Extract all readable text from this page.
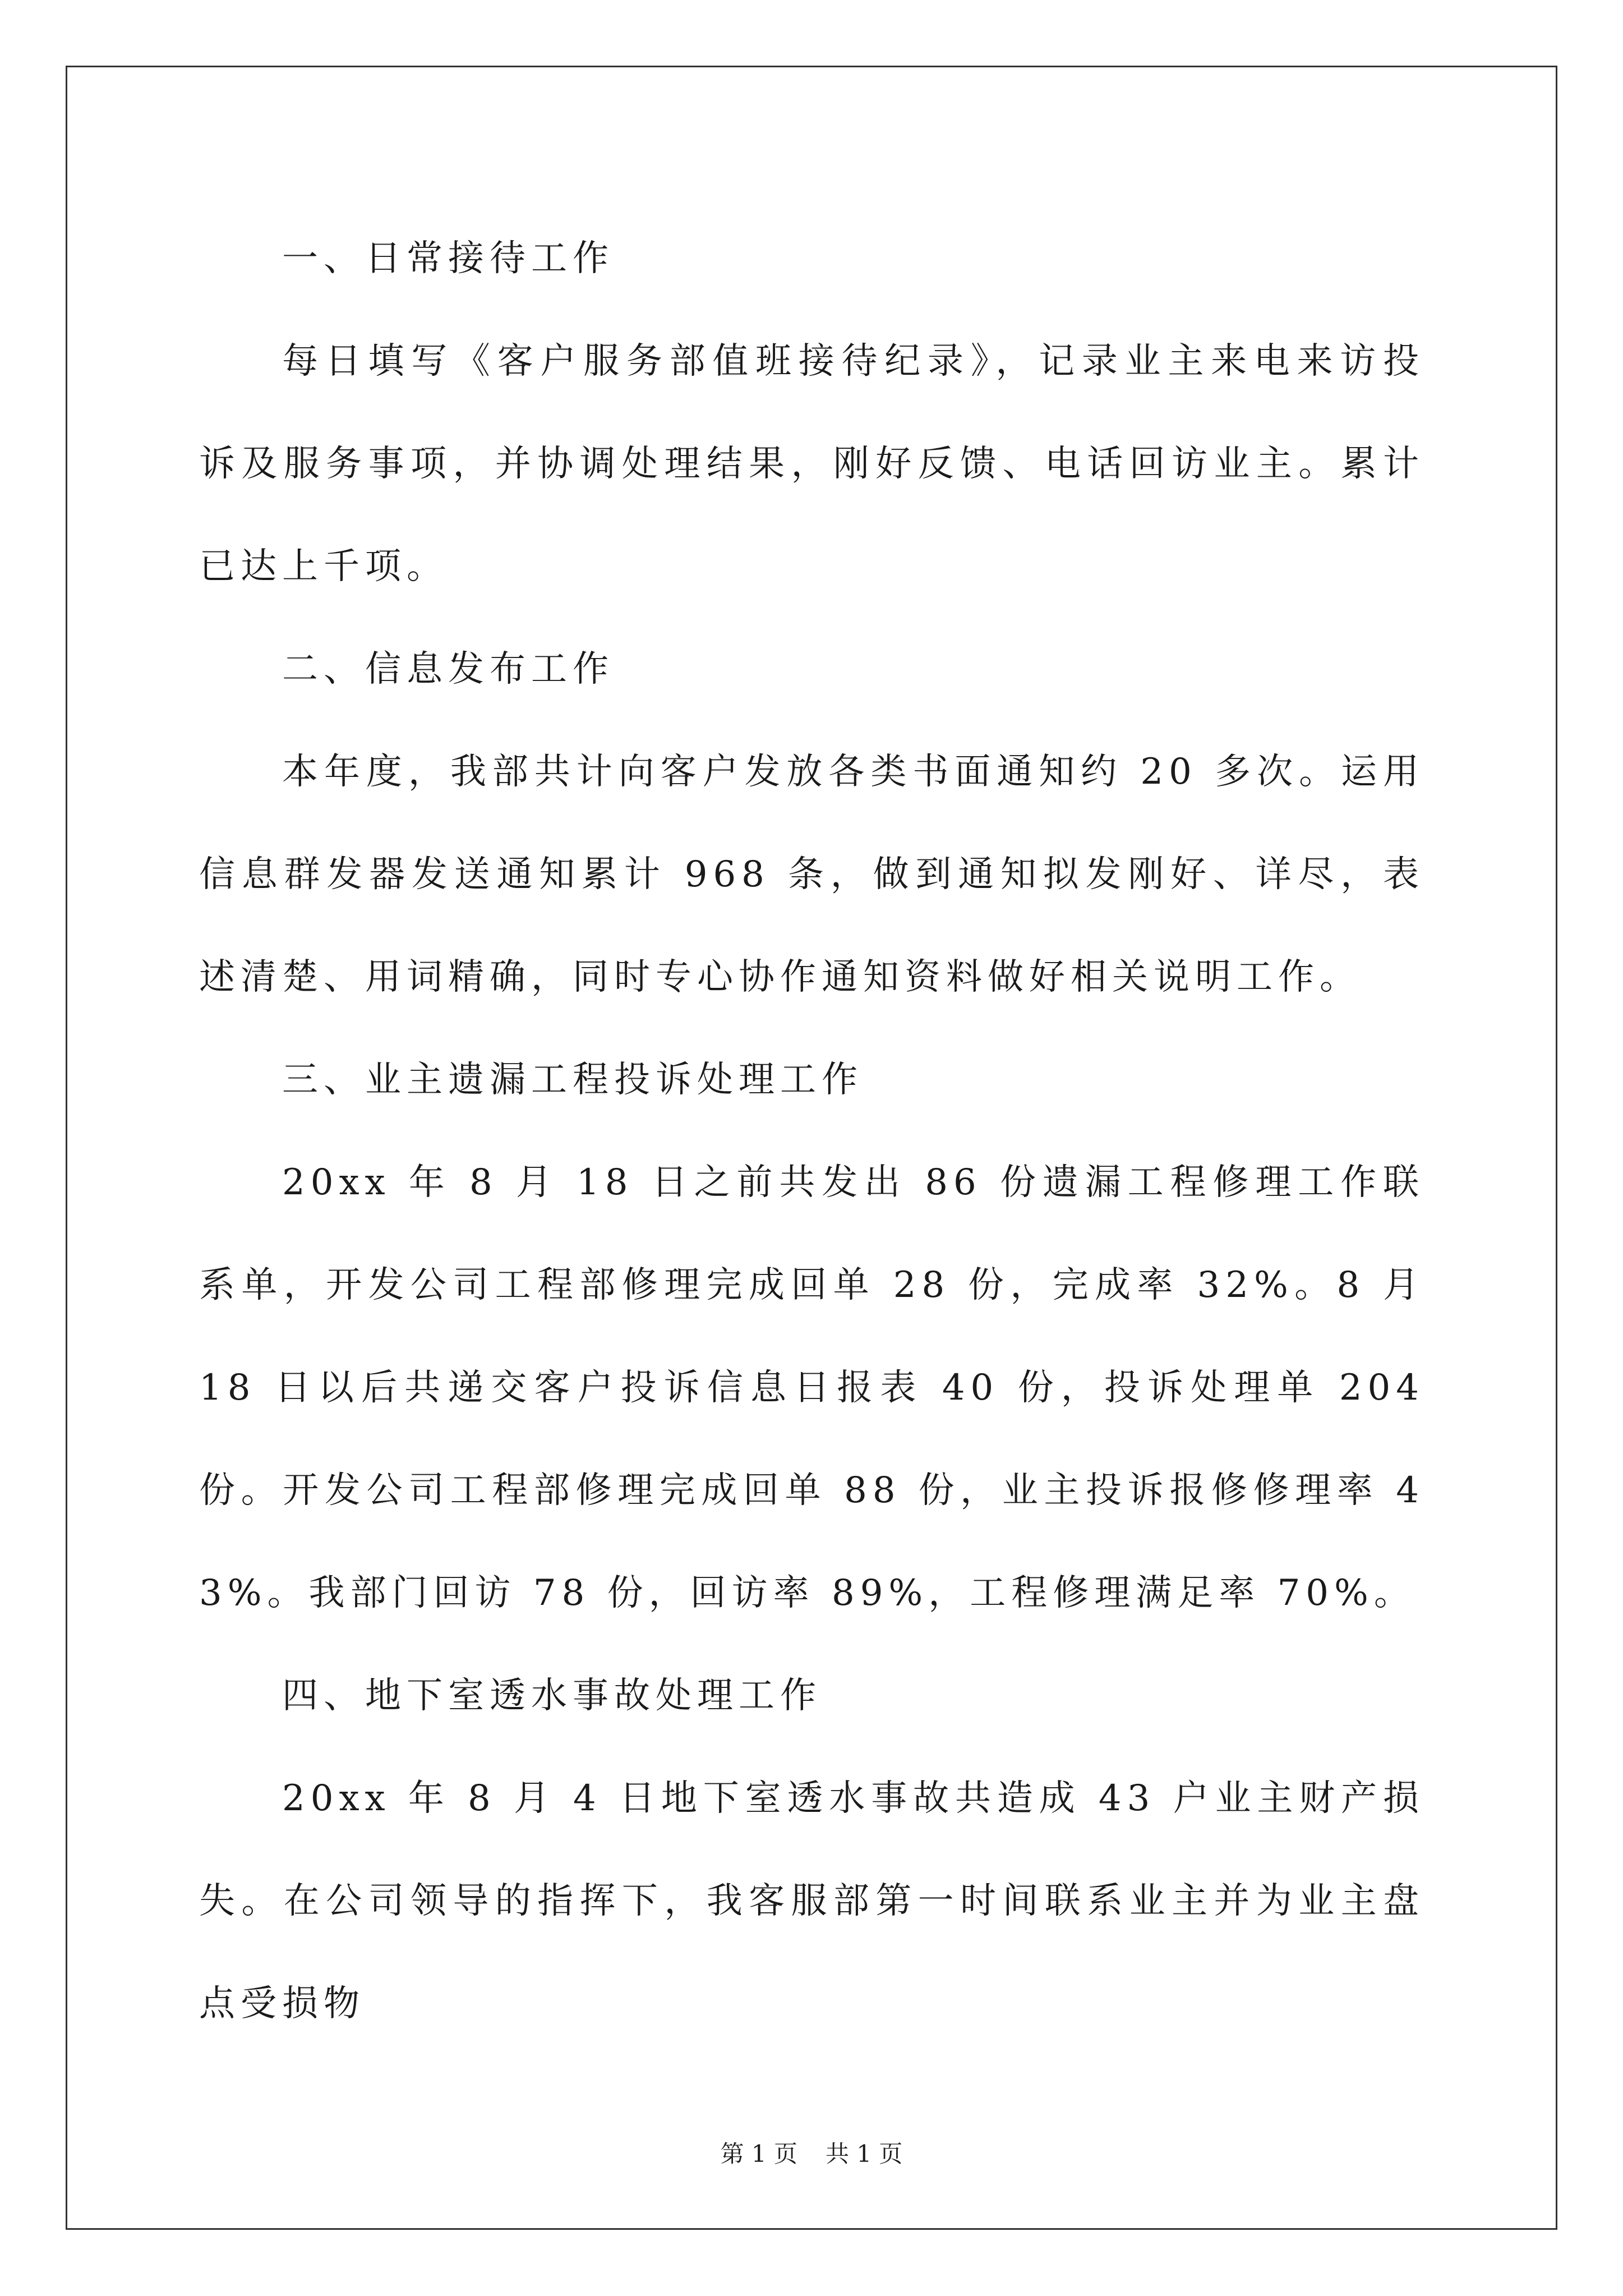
一、日常接待工作

每日填写《客户服务部值班接待纪录》，记录业主来电来访投诉及服务事项，并协调处理结果，刚好反馈、电话回访业主。累计已达上千项。

二、信息发布工作

本年度，我部共计向客户发放各类书面通知约 20 多次。运用信息群发器发送通知累计 968 条，做到通知拟发刚好、详尽，表述清楚、用词精确，同时专心协作通知资料做好相关说明工作。

三、业主遗漏工程投诉处理工作

20xx 年 8 月 18 日之前共发出 86 份遗漏工程修理工作联系单，开发公司工程部修理完成回单 28 份，完成率 32%。8 月 18 日以后共递交客户投诉信息日报表 40 份，投诉处理单 204 份。开发公司工程部修理完成回单 88 份，业主投诉报修修理率 43%。我部门回访 78 份，回访率 89%，工程修理满足率 70%。

四、地下室透水事故处理工作

20xx 年 8 月 4 日地下室透水事故共造成 43 户业主财产损失。在公司领导的指挥下，我客服部第一时间联系业主并为业主盘点受损物

第 1 页 共 1 页
